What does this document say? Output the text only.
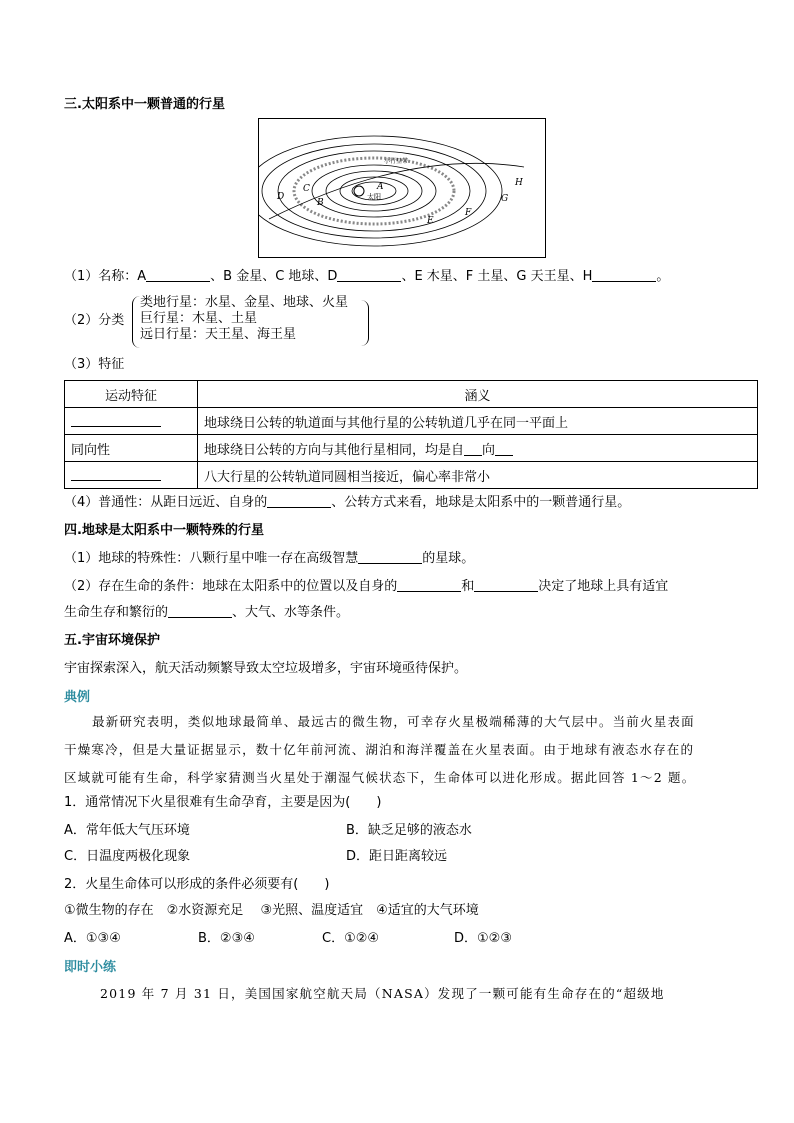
三.太阳系中一颗普通的行星
太阳
小行星带
A
B
C
D
E
F
G
H
（1）名称：A	、B 金星、C 地球、D	、E 木星、F 土星、G 天王星、H	。
（2）分类
类地行星：水星、金星、地球、火星
巨行星：木星、土星
远日行星：天王星、海王星
（3）特征
运动特征	涵义
	地球绕日公转的轨道面与其他行星的公转轨道几乎在同一平面上
同向性	地球绕日公转的方向与其他行星相同，均是自 向
	八大行星的公转轨道同圆相当接近，偏心率非常小
（4）普通性：从距日远近、自身的	、公转方式来看，地球是太阳系中的一颗普通行星。
四.地球是太阳系中一颗特殊的行星
（1）地球的特殊性：八颗行星中唯一存在高级智慧	的星球。
（2）存在生命的条件：地球在太阳系中的位置以及自身的	和	决定了地球上具有适宜
生命生存和繁衍的	、大气、水等条件。
五.宇宙环境保护
宇宙探索深入，航天活动频繁导致太空垃圾增多，宇宙环境亟待保护。
典例
最新研究表明，类似地球最简单、最远古的微生物，可幸存火星极端稀薄的大气层中。当前火星表面
干燥寒冷，但是大量证据显示，数十亿年前河流、湖泊和海洋覆盖在火星表面。由于地球有液态水存在的
区域就可能有生命，科学家猜测当火星处于潮湿气候状态下，生命体可以进化形成。据此回答 1～2 题。
1．通常情况下火星很难有生命孕育，主要是因为(　　)
A．常年低大气压环境	B．缺乏足够的液态水
C．日温度两极化现象	D．距日距离较远
2．火星生命体可以形成的条件必须要有(　　)
①微生物的存在　②水资源充足　 ③光照、温度适宜　④适宜的大气环境
A．①③④	B．②③④	C．①②④	D．①②③
即时小练
2019 年 7 月 31 日，美国国家航空航天局（NASA）发现了一颗可能有生命存在的“超级地
